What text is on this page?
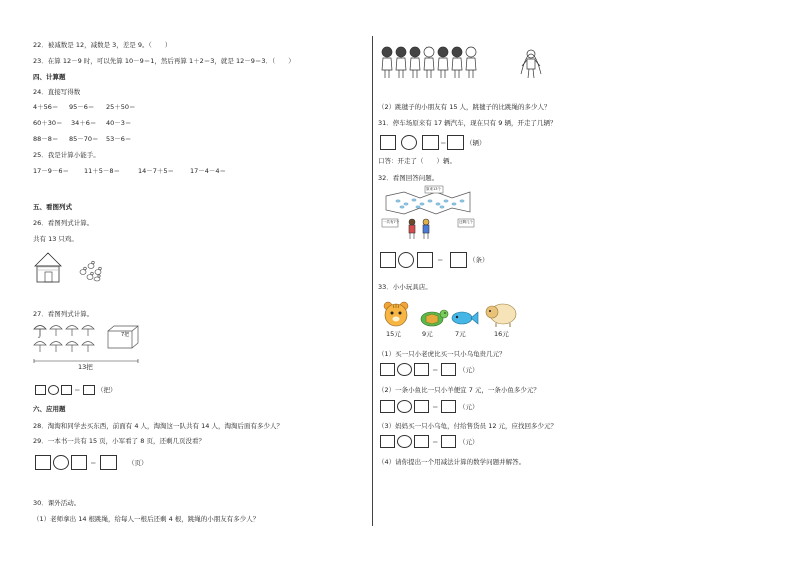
22．被减数是 12，减数是 3，差是 9。（　　）
23．在算 12－9 时，可以先算 10－9＝1，然后再算 1＋2＝3，就是 12－9＝3．（　　）
四、计算题
24．直接写得数
4＋56＝ 95－6＝ 25＋50＝
60＋30＝ 34＋6＝ 40－3＝
88－8＝ 85－70＝ 53－6＝
25．我是计算小能手。
17－9－6＝ 11＋5－8＝	14－7＋5＝ 17－4－4＝
五、看图列式
26．看图列式计算。
共有 13 只鸡。
27．看图列式计算。
7把
13把
＝	（把）
六、应用题
28．淘淘和同学去买东西，前面有 4 人，淘淘这一队共有 14 人，淘淘后面有多少人？
29．一本书一共有 15 页，小军看了 8 页，还剩几页没看？
＝	（页）
30．课外活动。
（1）老师拿出 14 根跳绳，给每人一根后还剩 4 根，跳绳的小朋友有多少人？
（2）跳毽子的小朋友有 15 人，跳毽子的比跳绳的多少人？
31．停车场原来有 17 辆汽车，现在只有 9 辆，开走了几辆？
＝	（辆）
口答：开走了（　　）辆。
32．看图回答问题。
原来13个
一共有7个	还剩几个
＝	（条）
33．小小玩具店。
15元	9元	7元	16元
（1）买一只小老虎比买一只小乌龟贵几元？
＝	（元）
（2）一条小鱼比一只小羊便宜 7 元，一条小鱼多少元？
＝	（元）
（3）妈妈买一只小乌龟，付给售货员 12 元，应找回多少元？
＝	（元）
（4）请你提出一个用减法计算的数学问题并解答。
